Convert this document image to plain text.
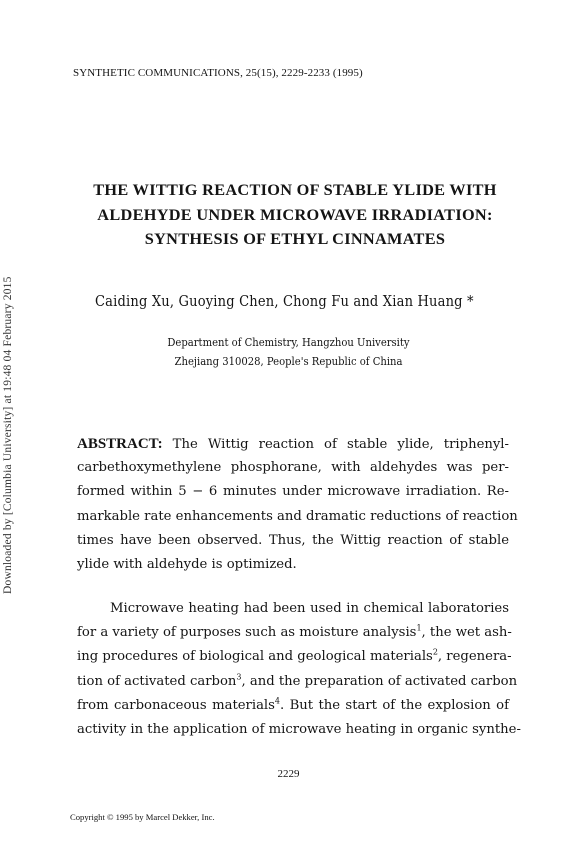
Downloaded by [Columbia University] at 19:48 04 February 2015
SYNTHETIC COMMUNICATIONS, 25(15), 2229-2233 (1995)
THE WITTIG REACTION OF STABLE YLIDE WITH
ALDEHYDE UNDER MICROWAVE IRRADIATION:
SYNTHESIS OF ETHYL CINNAMATES
Caiding Xu, Guoying Chen, Chong Fu and Xian Huang *
Department of Chemistry, Hangzhou University
Zhejiang 310028, People's Republic of China
ABSTRACT: The Wittig reaction of stable ylide, triphenyl-
carbethoxymethylene phosphorane, with aldehydes was per-
formed within 5 − 6 minutes under microwave irradiation. Re-
markable rate enhancements and dramatic reductions of reaction
times have been observed. Thus, the Wittig reaction of stable
ylide with aldehyde is optimized.
Microwave heating had been used in chemical laboratories
for a variety of purposes such as moisture analysis$^1$, the wet ash-
ing procedures of biological and geological materials$^2$, regenera-
tion of activated carbon$^3$, and the preparation of activated carbon
from carbonaceous materials$^4$. But the start of the explosion of
activity in the application of microwave heating in organic synthe-
2229
Copyright © 1995 by Marcel Dekker, Inc.
